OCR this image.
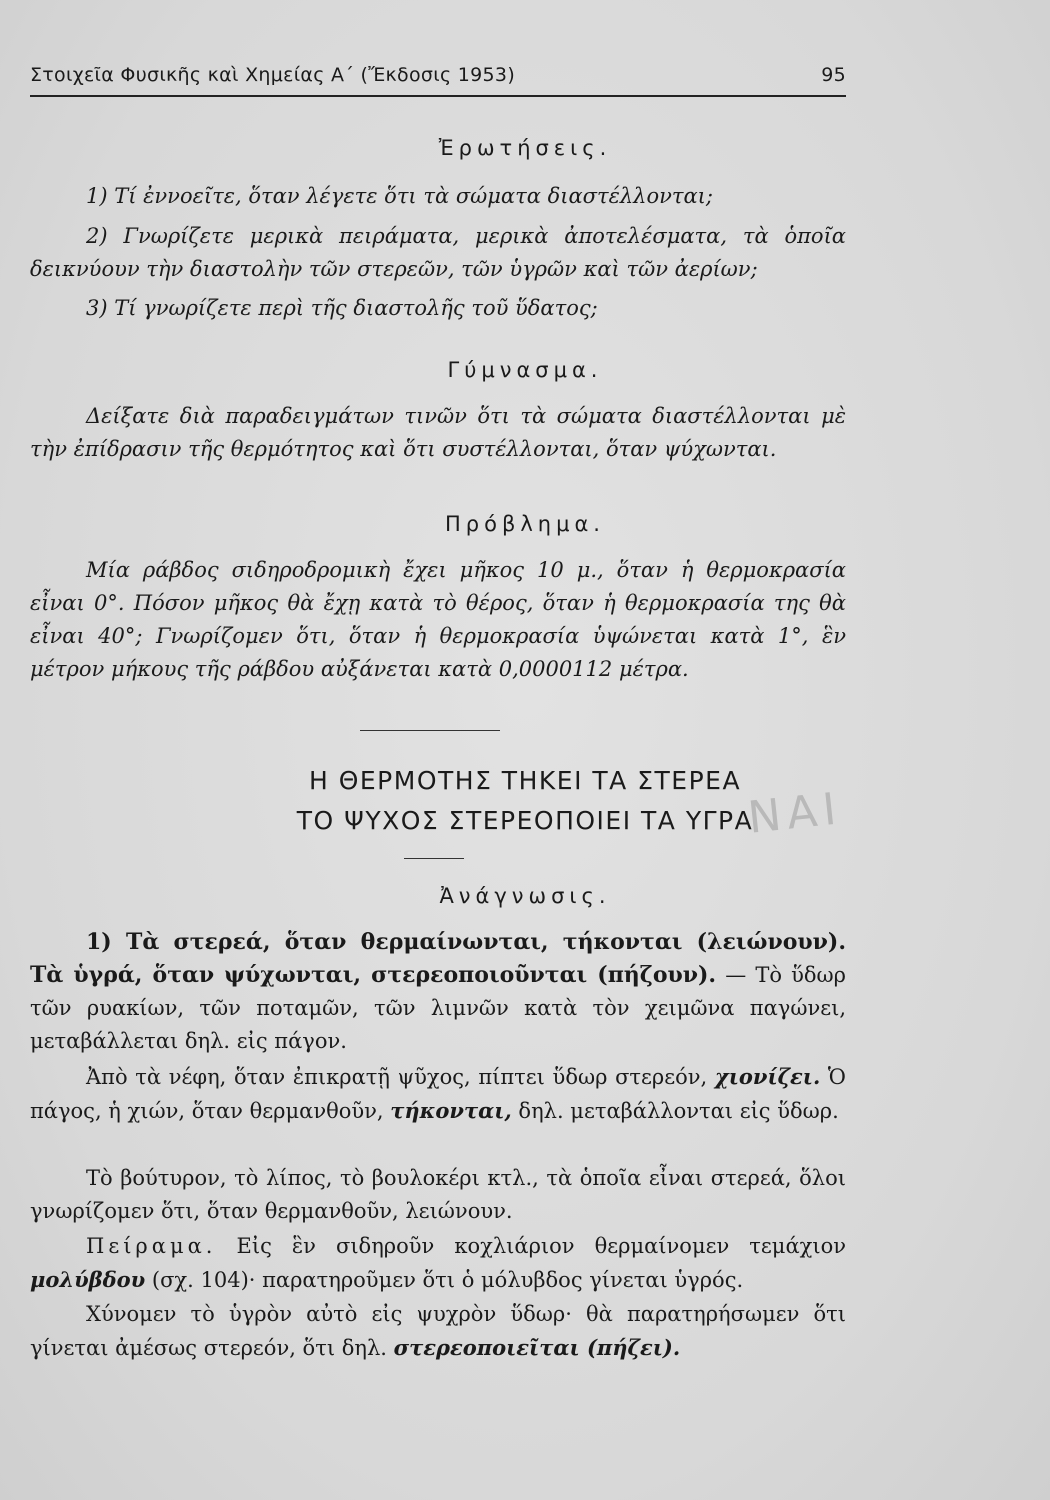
Στοιχεῖα Φυσικῆς καὶ Χημείας Α΄ (Ἔκδοσις 1953)	95
Ἐρωτήσεις.
1) Τί ἐννοεῖτε, ὅταν λέγετε ὅτι τὰ σώματα διαστέλλονται;
2) Γνωρίζετε μερικὰ πειράματα, μερικὰ ἀποτελέσματα, τὰ ὁποῖα δεικνύουν τὴν διαστολὴν τῶν στερεῶν, τῶν ὑγρῶν καὶ τῶν ἀερίων;
3) Τί γνωρίζετε περὶ τῆς διαστολῆς τοῦ ὕδατος;
Γύμνασμα.
Δείξατε διὰ παραδειγμάτων τινῶν ὅτι τὰ σώματα διαστέλλονται μὲ τὴν ἐπίδρασιν τῆς θερμότητος καὶ ὅτι συστέλλονται, ὅταν ψύχωνται.
Πρόβλημα.
Μία ράβδος σιδηροδρομικὴ ἔχει μῆκος 10 μ., ὅταν ἡ θερμοκρασία εἶναι 0°. Πόσον μῆκος θὰ ἔχῃ κατὰ τὸ θέρος, ὅταν ἡ θερμοκρασία της θὰ εἶναι 40°; Γνωρίζομεν ὅτι, ὅταν ἡ θερμοκρασία ὑψώνεται κατὰ 1°, ἓν μέτρον μήκους τῆς ράβδου αὐξάνεται κατὰ 0,0000112 μέτρα.
Η ΘΕΡΜΟΤΗΣ ΤΗΚΕΙ ΤΑ ΣΤΕΡΕΑ
ΤΟ ΨΥΧΟΣ ΣΤΕΡΕΟΠΟΙΕΙ ΤΑ ΥΓΡΑ
ΝΑΙ
Ἀνάγνωσις.
1) Τὰ στερεά, ὅταν θερμαίνωνται, τήκονται (λειώνουν). Τὰ ὑγρά, ὅταν ψύχωνται, στερεοποιοῦνται (πήζουν). — Τὸ ὕδωρ τῶν ρυακίων, τῶν ποταμῶν, τῶν λιμνῶν κατὰ τὸν χειμῶνα παγώνει, μεταβάλλεται δηλ. εἰς πάγον.
Ἀπὸ τὰ νέφη, ὅταν ἐπικρατῇ ψῦχος, πίπτει ὕδωρ στερεόν, χιονίζει. Ὁ πάγος, ἡ χιών, ὅταν θερμανθοῦν, τήκονται, δηλ. μεταβάλλονται εἰς ὕδωρ.
Τὸ βούτυρον, τὸ λίπος, τὸ βουλοκέρι κτλ., τὰ ὁποῖα εἶναι στερεά, ὅλοι γνωρίζομεν ὅτι, ὅταν θερμανθοῦν, λειώνουν.
Πείραμα. Εἰς ἓν σιδηροῦν κοχλιάριον θερμαίνομεν τεμάχιον μολύβδου (σχ. 104)· παρατηροῦμεν ὅτι ὁ μόλυβδος γίνεται ὑγρός.
Χύνομεν τὸ ὑγρὸν αὐτὸ εἰς ψυχρὸν ὕδωρ· θὰ παρατηρήσωμεν ὅτι γίνεται ἀμέσως στερεόν, ὅτι δηλ. στερεοποιεῖται (πήζει).
